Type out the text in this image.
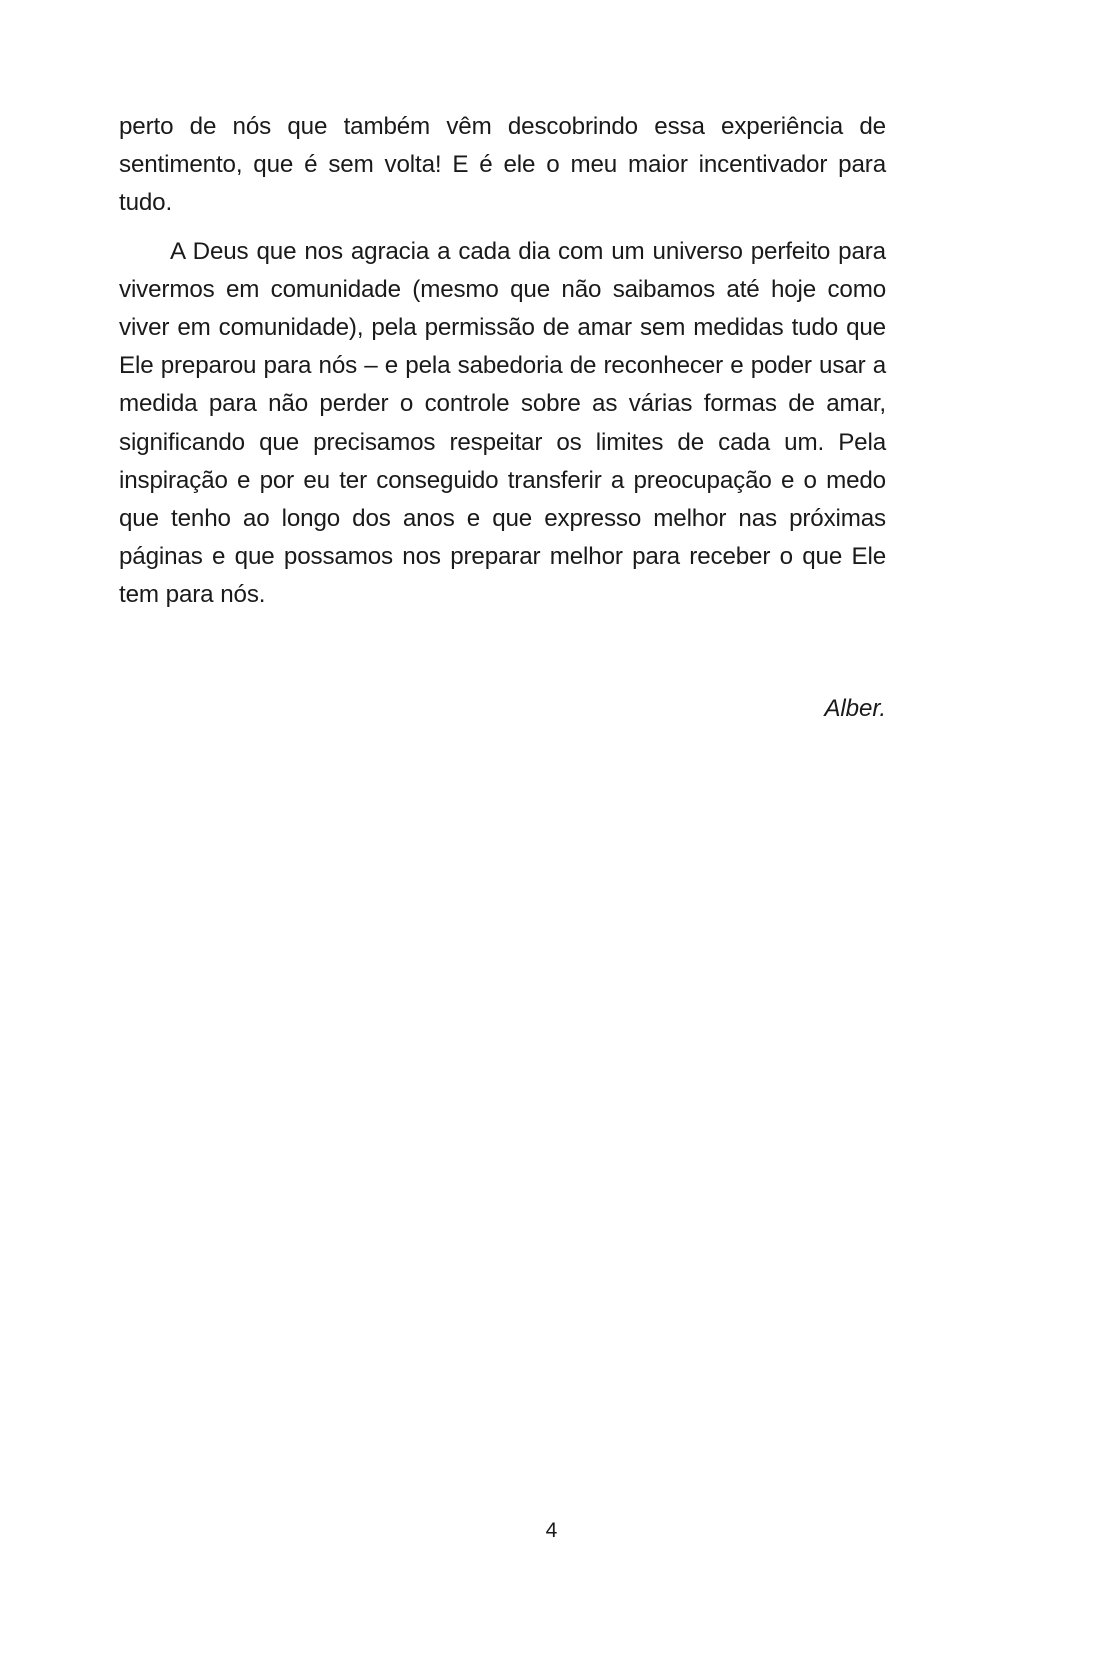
perto de nós que também vêm descobrindo essa experiência de sentimento, que é sem volta! E é ele o meu maior incentivador para tudo.

A Deus que nos agracia a cada dia com um universo perfeito para vivermos em comunidade (mesmo que não saibamos até hoje como viver em comunidade), pela permissão de amar sem medidas tudo que Ele preparou para nós – e pela sabedoria de reconhecer e poder usar a medida para não perder o controle sobre as várias formas de amar, significando que precisamos respeitar os limites de cada um. Pela inspiração e por eu ter conseguido transferir a preocupação e o medo que tenho ao longo dos anos e que expresso melhor nas próximas páginas e que possamos nos preparar melhor para receber o que Ele tem para nós.

Alber.
4
